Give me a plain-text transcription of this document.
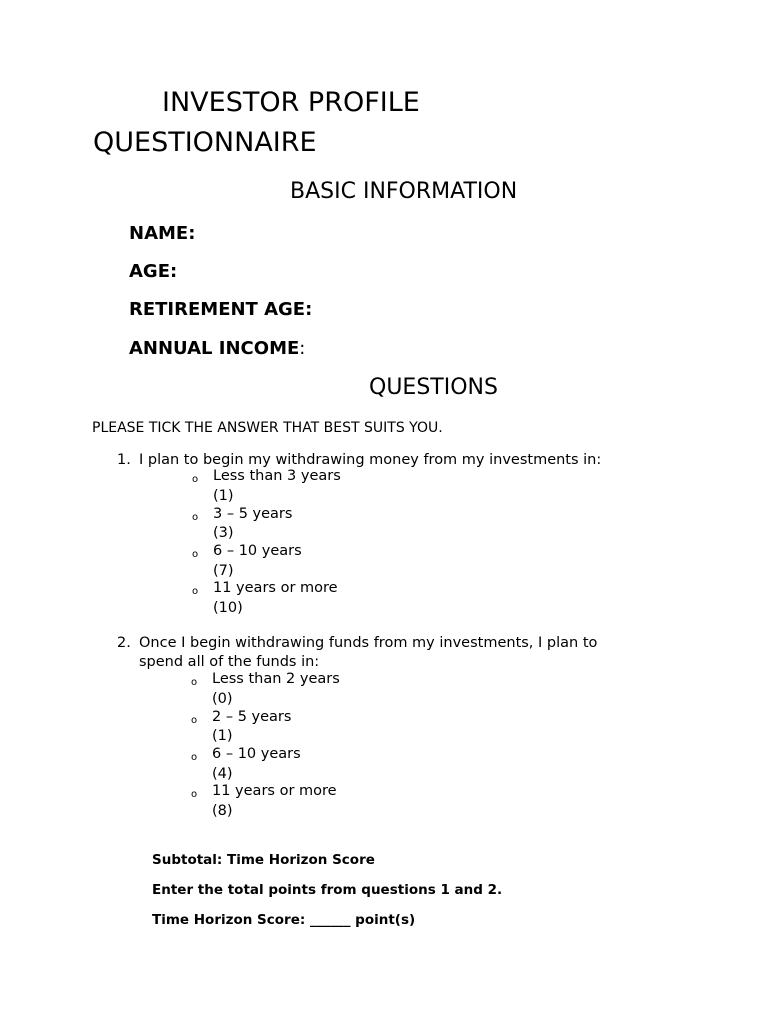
INVESTOR PROFILE
QUESTIONNAIRE
BASIC INFORMATION
NAME:
AGE:
RETIREMENT AGE:
ANNUAL INCOME:
QUESTIONS
PLEASE TICK THE ANSWER THAT BEST SUITS YOU.
1. I plan to begin my withdrawing money from my investments in:
o Less than 3 years
(1)
o 3 – 5 years
(3)
o 6 – 10 years
(7)
o 11 years or more
(10)
2. Once I begin withdrawing funds from my investments, I plan to
spend all of the funds in:
o Less than 2 years
(0)
o 2 – 5 years
(1)
o 6 – 10 years
(4)
o 11 years or more
(8)
Subtotal: Time Horizon Score
Enter the total points from questions 1 and 2.
Time Horizon Score: ______ point(s)
